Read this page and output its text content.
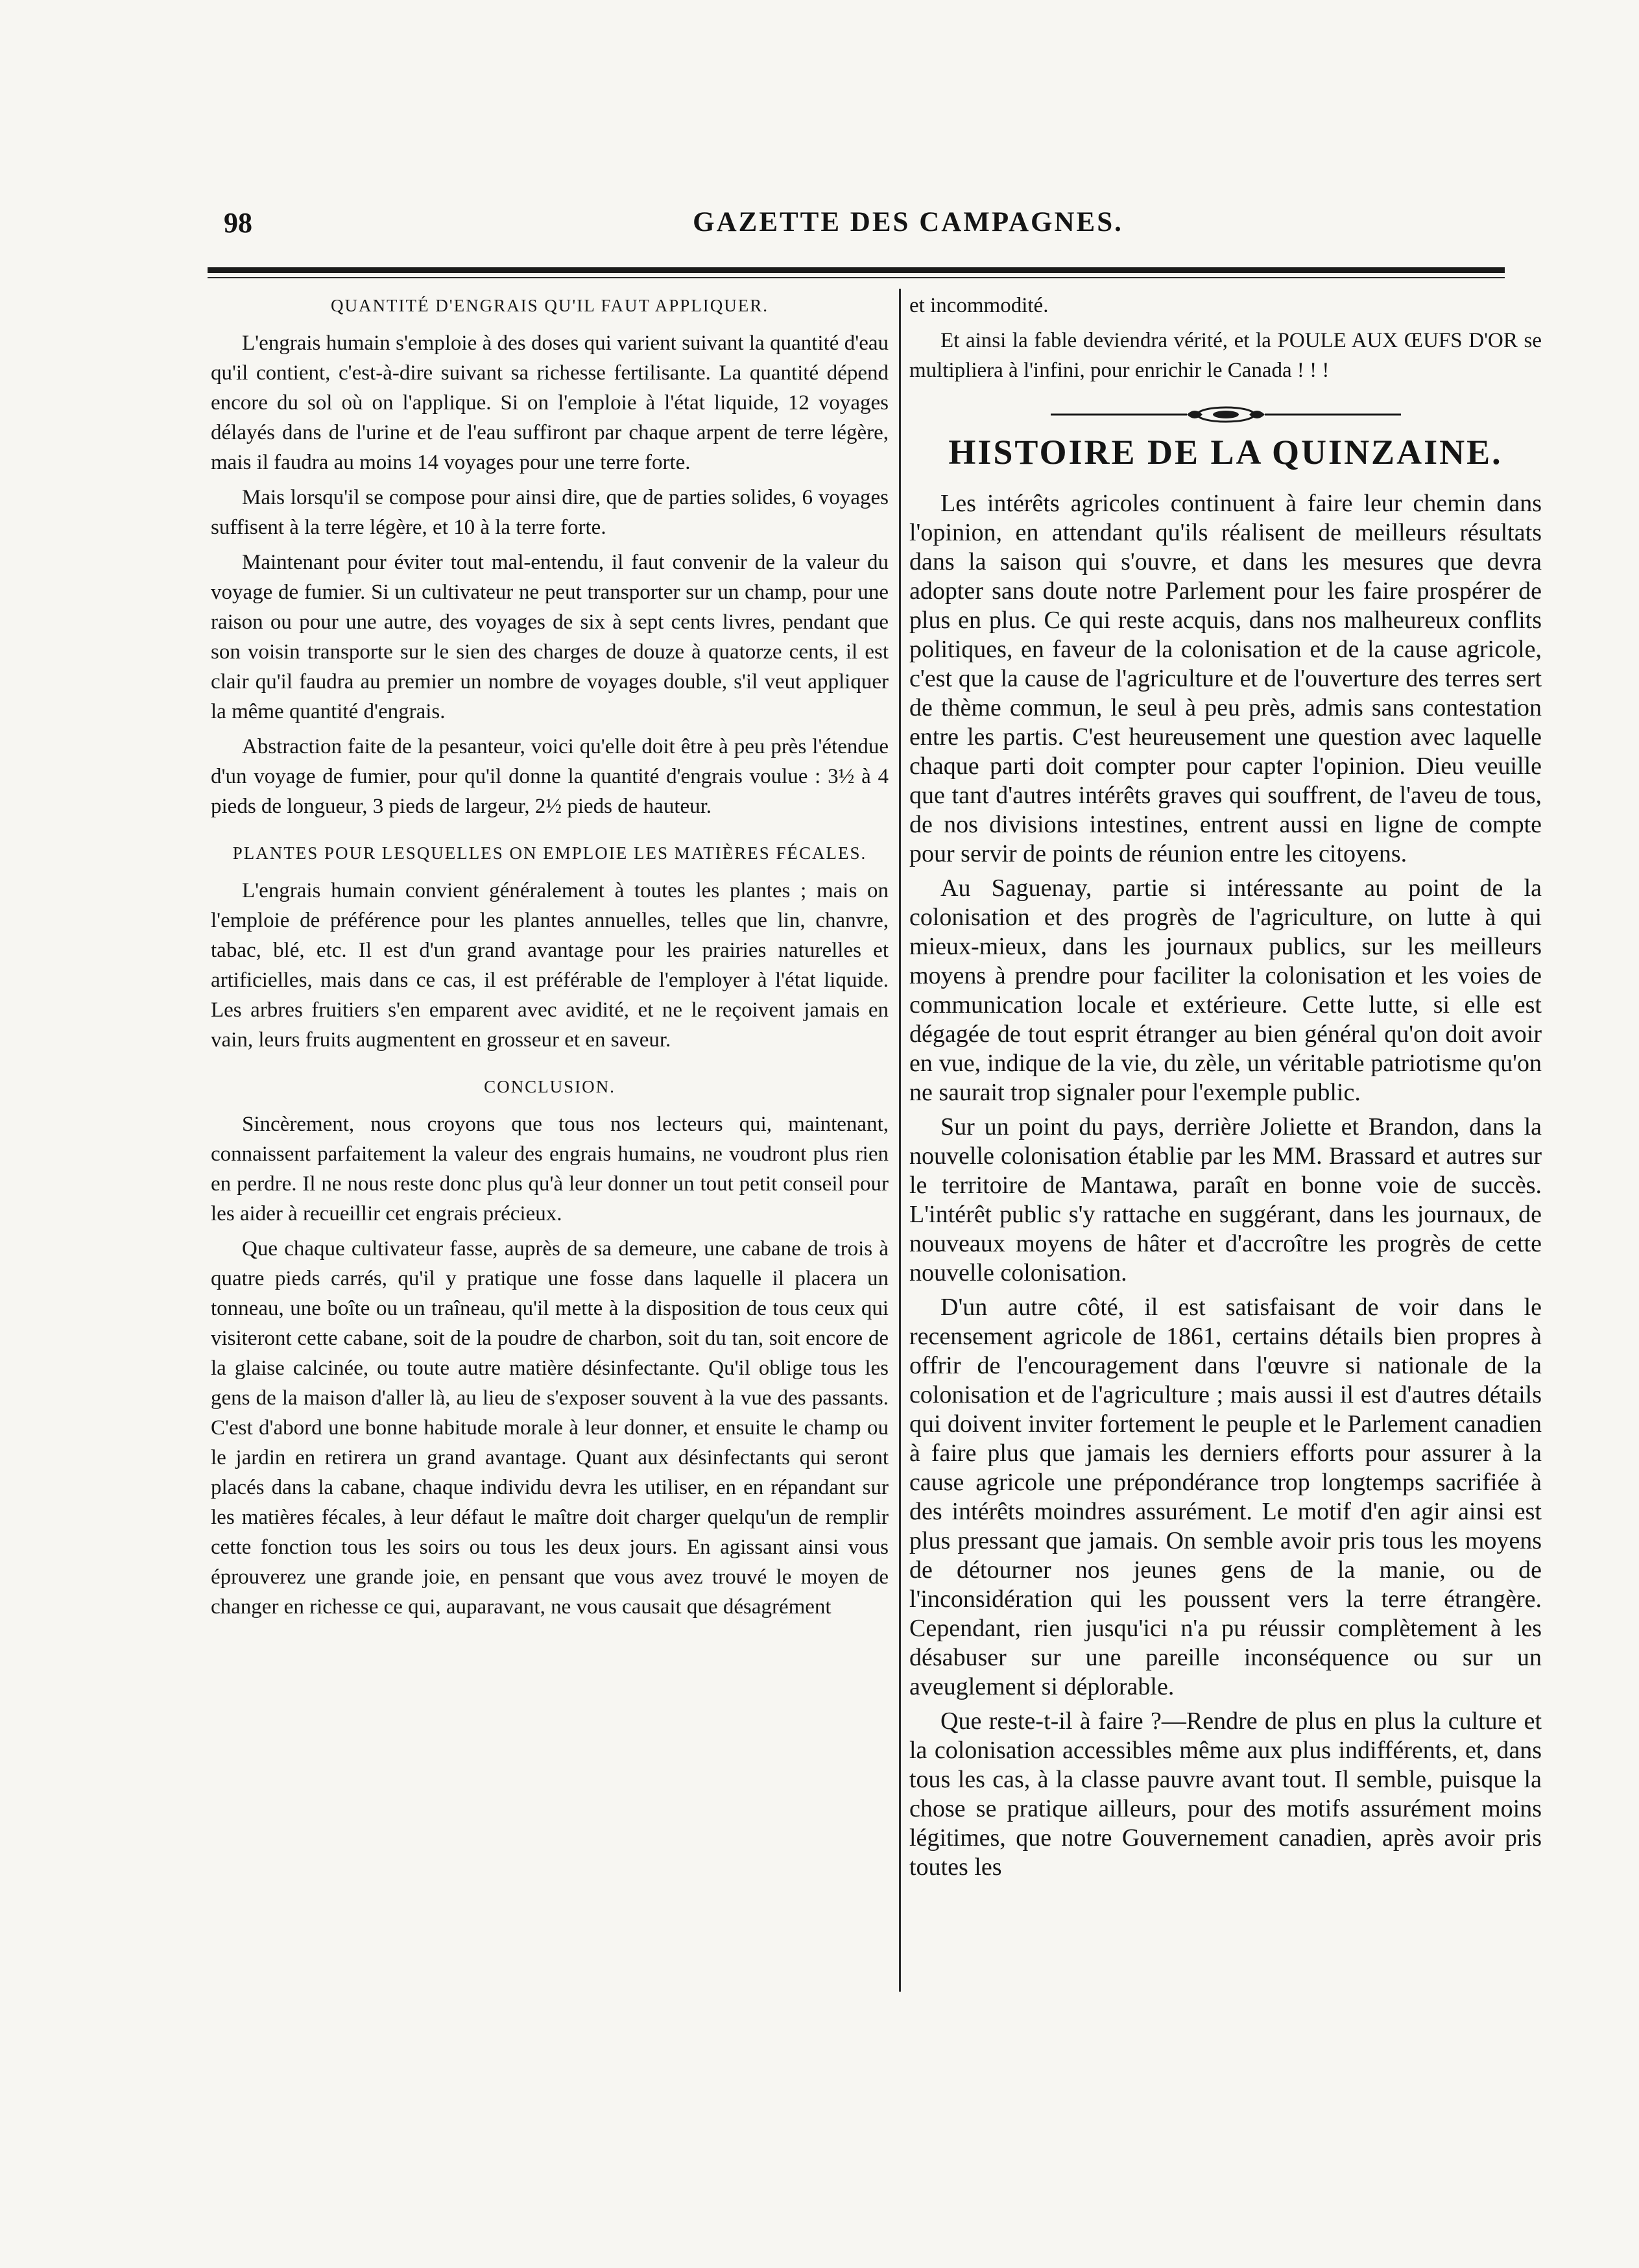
98	GAZETTE DES CAMPAGNES.
QUANTITÉ D'ENGRAIS QU'IL FAUT APPLIQUER.

L'engrais humain s'emploie à des doses qui varient suivant la quantité d'eau qu'il contient, c'est-à-dire suivant sa richesse fertilisante. La quantité dépend encore du sol où on l'applique. Si on l'emploie à l'état liquide, 12 voyages délayés dans de l'urine et de l'eau suffiront par chaque arpent de terre légère, mais il faudra au moins 14 voyages pour une terre forte.

Mais lorsqu'il se compose pour ainsi dire, que de parties solides, 6 voyages suffisent à la terre légère, et 10 à la terre forte.

Maintenant pour éviter tout mal-entendu, il faut convenir de la valeur du voyage de fumier. Si un cultivateur ne peut transporter sur un champ, pour une raison ou pour une autre, des voyages de six à sept cents livres, pendant que son voisin transporte sur le sien des charges de douze à quatorze cents, il est clair qu'il faudra au premier un nombre de voyages double, s'il veut appliquer la même quantité d'engrais.

Abstraction faite de la pesanteur, voici qu'elle doit être à peu près l'étendue d'un voyage de fumier, pour qu'il donne la quantité d'engrais voulue : 3½ à 4 pieds de longueur, 3 pieds de largeur, 2½ pieds de hauteur.

PLANTES POUR LESQUELLES ON EMPLOIE LES MATIÈRES FÉCALES.

L'engrais humain convient généralement à toutes les plantes ; mais on l'emploie de préférence pour les plantes annuelles, telles que lin, chanvre, tabac, blé, etc. Il est d'un grand avantage pour les prairies naturelles et artificielles, mais dans ce cas, il est préférable de l'employer à l'état liquide. Les arbres fruitiers s'en emparent avec avidité, et ne le reçoivent jamais en vain, leurs fruits augmentent en grosseur et en saveur.

CONCLUSION.

Sincèrement, nous croyons que tous nos lecteurs qui, maintenant, connaissent parfaitement la valeur des engrais humains, ne voudront plus rien en perdre. Il ne nous reste donc plus qu'à leur donner un tout petit conseil pour les aider à recueillir cet engrais précieux.

Que chaque cultivateur fasse, auprès de sa demeure, une cabane de trois à quatre pieds carrés, qu'il y pratique une fosse dans laquelle il placera un tonneau, une boîte ou un traîneau, qu'il mette à la disposition de tous ceux qui visiteront cette cabane, soit de la poudre de charbon, soit du tan, soit encore de la glaise calcinée, ou toute autre matière désinfectante. Qu'il oblige tous les gens de la maison d'aller là, au lieu de s'exposer souvent à la vue des passants. C'est d'abord une bonne habitude morale à leur donner, et ensuite le champ ou le jardin en retirera un grand avantage. Quant aux désinfectants qui seront placés dans la cabane, chaque individu devra les utiliser, en en répandant sur les matières fécales, à leur défaut le maître doit charger quelqu'un de remplir cette fonction tous les soirs ou tous les deux jours. En agissant ainsi vous éprouverez une grande joie, en pensant que vous avez trouvé le moyen de changer en richesse ce qui, auparavant, ne vous causait que désagrément

et incommodité.

Et ainsi la fable deviendra vérité, et la POULE AUX ŒUFS D'OR se multipliera à l'infini, pour enrichir le Canada ! ! !

HISTOIRE DE LA QUINZAINE.

Les intérêts agricoles continuent à faire leur chemin dans l'opinion, en attendant qu'ils réalisent de meilleurs résultats dans la saison qui s'ouvre, et dans les mesures que devra adopter sans doute notre Parlement pour les faire prospérer de plus en plus. Ce qui reste acquis, dans nos malheureux conflits politiques, en faveur de la colonisation et de la cause agricole, c'est que la cause de l'agriculture et de l'ouverture des terres sert de thème commun, le seul à peu près, admis sans contestation entre les partis. C'est heureusement une question avec laquelle chaque parti doit compter pour capter l'opinion. Dieu veuille que tant d'autres intérêts graves qui souffrent, de l'aveu de tous, de nos divisions intestines, entrent aussi en ligne de compte pour servir de points de réunion entre les citoyens.

Au Saguenay, partie si intéressante au point de la colonisation et des progrès de l'agriculture, on lutte à qui mieux-mieux, dans les journaux publics, sur les meilleurs moyens à prendre pour faciliter la colonisation et les voies de communication locale et extérieure. Cette lutte, si elle est dégagée de tout esprit étranger au bien général qu'on doit avoir en vue, indique de la vie, du zèle, un véritable patriotisme qu'on ne saurait trop signaler pour l'exemple public.

Sur un point du pays, derrière Joliette et Brandon, dans la nouvelle colonisation établie par les MM. Brassard et autres sur le territoire de Mantawa, paraît en bonne voie de succès. L'intérêt public s'y rattache en suggérant, dans les journaux, de nouveaux moyens de hâter et d'accroître les progrès de cette nouvelle colonisation.

D'un autre côté, il est satisfaisant de voir dans le recensement agricole de 1861, certains détails bien propres à offrir de l'encouragement dans l'œuvre si nationale de la colonisation et de l'agriculture ; mais aussi il est d'autres détails qui doivent inviter fortement le peuple et le Parlement canadien à faire plus que jamais les derniers efforts pour assurer à la cause agricole une prépondérance trop longtemps sacrifiée à des intérêts moindres assurément. Le motif d'en agir ainsi est plus pressant que jamais. On semble avoir pris tous les moyens de détourner nos jeunes gens de la manie, ou de l'inconsidération qui les poussent vers la terre étrangère. Cependant, rien jusqu'ici n'a pu réussir complètement à les désabuser sur une pareille inconséquence ou sur un aveuglement si déplorable.

Que reste-t-il à faire ?—Rendre de plus en plus la culture et la colonisation accessibles même aux plus indifférents, et, dans tous les cas, à la classe pauvre avant tout. Il semble, puisque la chose se pratique ailleurs, pour des motifs assurément moins légitimes, que notre Gouvernement canadien, après avoir pris toutes les
